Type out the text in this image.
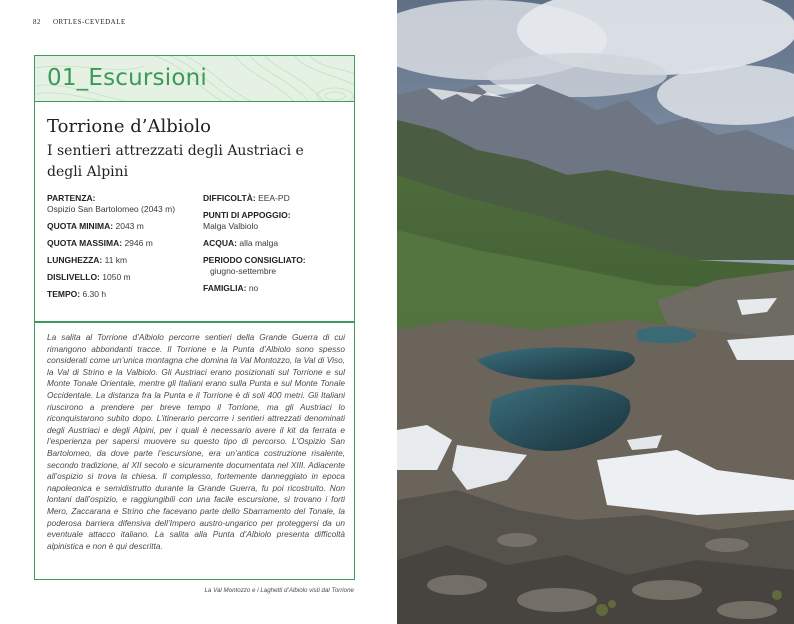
82 ORTLES-CEVEDALE
01_Escursioni
Torrione d’Albiolo
I sentieri attrezzati degli Austriaci e degli Alpini
PARTENZA:
Ospizio San Bartolomeo (2043 m)
QUOTA MINIMA: 2043 m
QUOTA MASSIMA: 2946 m
LUNGHEZZA: 11 km
DISLIVELLO: 1050 m
TEMPO: 6.30 h
DIFFICOLTÀ: EEA-PD
PUNTI DI APPOGGIO:
Malga Valbiolo
ACQUA: alla malga
PERIODO CONSIGLIATO:
giugno-settembre
FAMIGLIA: no

La salita al Torrione d’Albiolo percorre sentieri della Grande Guerra di cui rimangono abbondanti tracce. Il Torrione e la Punta d’Albiolo sono spesso considerati come un’unica montagna che domina la Val Montozzo, la Val di Viso, la Val di Strino e la Valbiolo. Gli Austriaci erano posizionati sul Torrione e sul Monte Tonale Orientale, mentre gli Italiani erano sulla Punta e sul Monte Tonale Occidentale. La distanza fra la Punta e il Torrione è di soli 400 metri. Gli Italiani riuscirono a prendere per breve tempo il Torrione, ma gli Austriaci lo riconquistarono subito dopo. L’itinerario percorre i sentieri attrezzati denominati degli Austriaci e degli Alpini, per i quali è necessario avere il kit da ferrata e l’esperienza per sapersi muovere su questo tipo di percorso. L’Ospizio San Bartolomeo, da dove parte l’escursione, era un’antica costruzione risalente, secondo tradizione, al XII secolo e sicuramente documentata nel XIII. Adiacente all’ospizio si trova la chiesa. Il complesso, fortemente danneggiato in epoca napoleonica e semidistrutto durante la Grande Guerra, fu poi ricostruito. Non lontani dall’ospizio, e raggiungibili con una facile escursione, si trovano i forti Mero, Zaccarana e Strino che facevano parte dello Sbarramento del Tonale, la poderosa barriera difensiva dell’Impero austro-ungarico per proteggersi da un eventuale attacco italiano. La salita alla Punta d’Albiolo presenta difficoltà alpinistica e non è qui descritta.

La Val Montozzo e i Laghetti d’Albiolo visti dal Torrione
